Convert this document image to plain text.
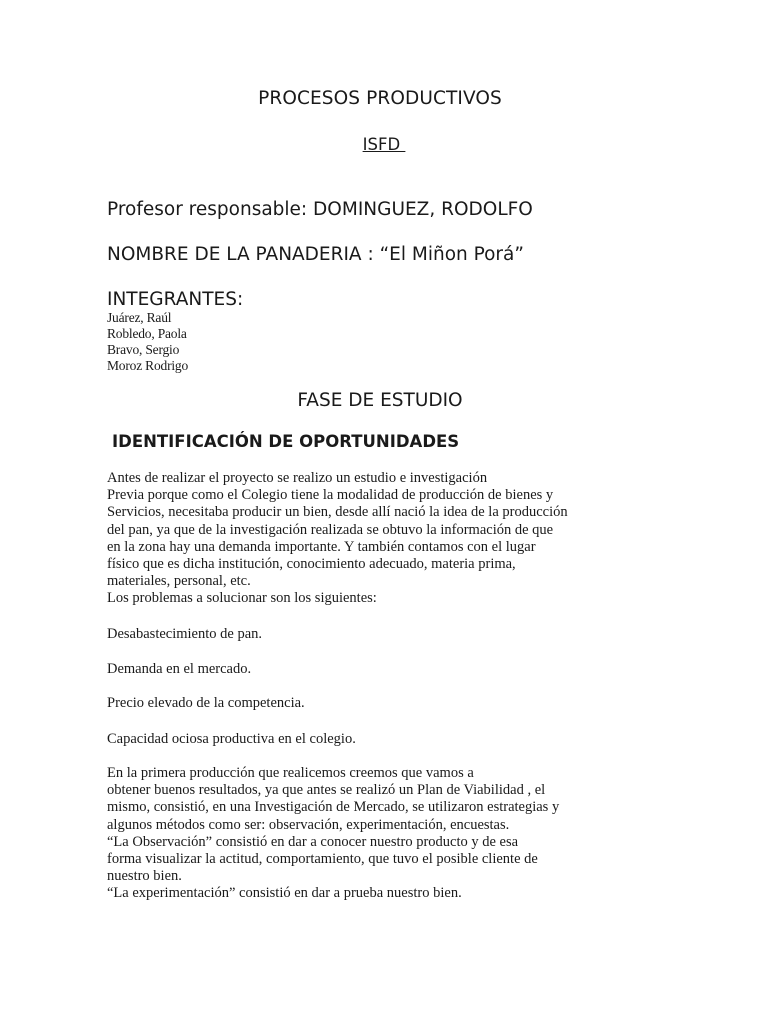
PROCESOS PRODUCTIVOS
ISFD
Profesor responsable: DOMINGUEZ, RODOLFO
NOMBRE DE LA PANADERIA : “El Miñon Porá”
INTEGRANTES:
Juárez, Raúl
Robledo, Paola
Bravo, Sergio
Moroz Rodrigo
FASE DE ESTUDIO
IDENTIFICACIÓN DE OPORTUNIDADES
Antes de realizar el proyecto se realizo un estudio e investigación
Previa porque como el Colegio tiene la modalidad de producción de bienes y
Servicios, necesitaba producir un bien, desde allí nació la idea de la producción
del pan, ya que de la investigación realizada se obtuvo la información de que
en la zona hay una demanda importante. Y también contamos con el lugar
físico que es dicha institución, conocimiento adecuado, materia prima,
materiales, personal, etc.
Los problemas a solucionar son los siguientes:
Desabastecimiento de pan.
Demanda en el mercado.
Precio elevado de la competencia.
Capacidad ociosa productiva en el colegio.
En la primera producción que realicemos creemos que vamos a
obtener buenos resultados, ya que antes se realizó un Plan de Viabilidad , el
mismo, consistió, en una Investigación de Mercado, se utilizaron estrategias y
algunos métodos como ser: observación, experimentación, encuestas.
“La Observación” consistió en dar a conocer nuestro producto y de esa
forma visualizar la actitud, comportamiento, que tuvo el posible cliente de
nuestro bien.
“La experimentación” consistió en dar a prueba nuestro bien.
